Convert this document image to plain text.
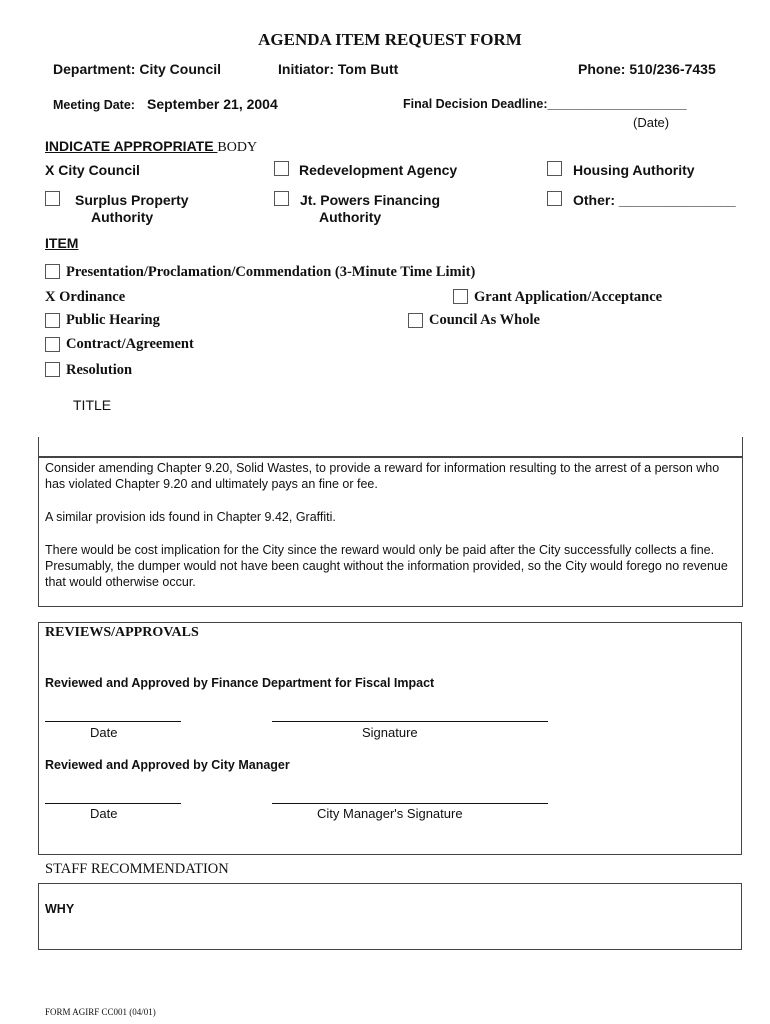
AGENDA ITEM REQUEST FORM
Department: City Council	Initiator: Tom Butt	Phone: 510/236-7435
Meeting Date: September 21, 2004	Final Decision Deadline:____________________
(Date)
INDICATE APPROPRIATE BODY
X City Council	Redevelopment Agency	Housing Authority
Surplus Property
Authority
Jt. Powers Financing
Authority
Other: _______________
ITEM
Presentation/Proclamation/Commendation (3-Minute Time Limit)
X Ordinance	Grant Application/Acceptance
Public Hearing	Council As Whole
Contract/Agreement
Resolution
TITLE
Consider amending Chapter 9.20, Solid Wastes, to provide a reward for information resulting to the arrest of a person who has violated Chapter 9.20 and ultimately pays an fine or fee.
A similar provision ids found in Chapter 9.42, Graffiti.
There would be cost implication for the City since the reward would only be paid after the City successfully collects a fine. Presumably, the dumper would not have been caught without the information provided, so the City would forego no revenue that would otherwise occur.
REVIEWS/APPROVALS
Reviewed and Approved by Finance Department for Fiscal Impact
Date	Signature
Reviewed and Approved by City Manager
Date	City Manager's Signature
STAFF RECOMMENDATION
WHY
FORM AGIRF CC001 (04/01)
